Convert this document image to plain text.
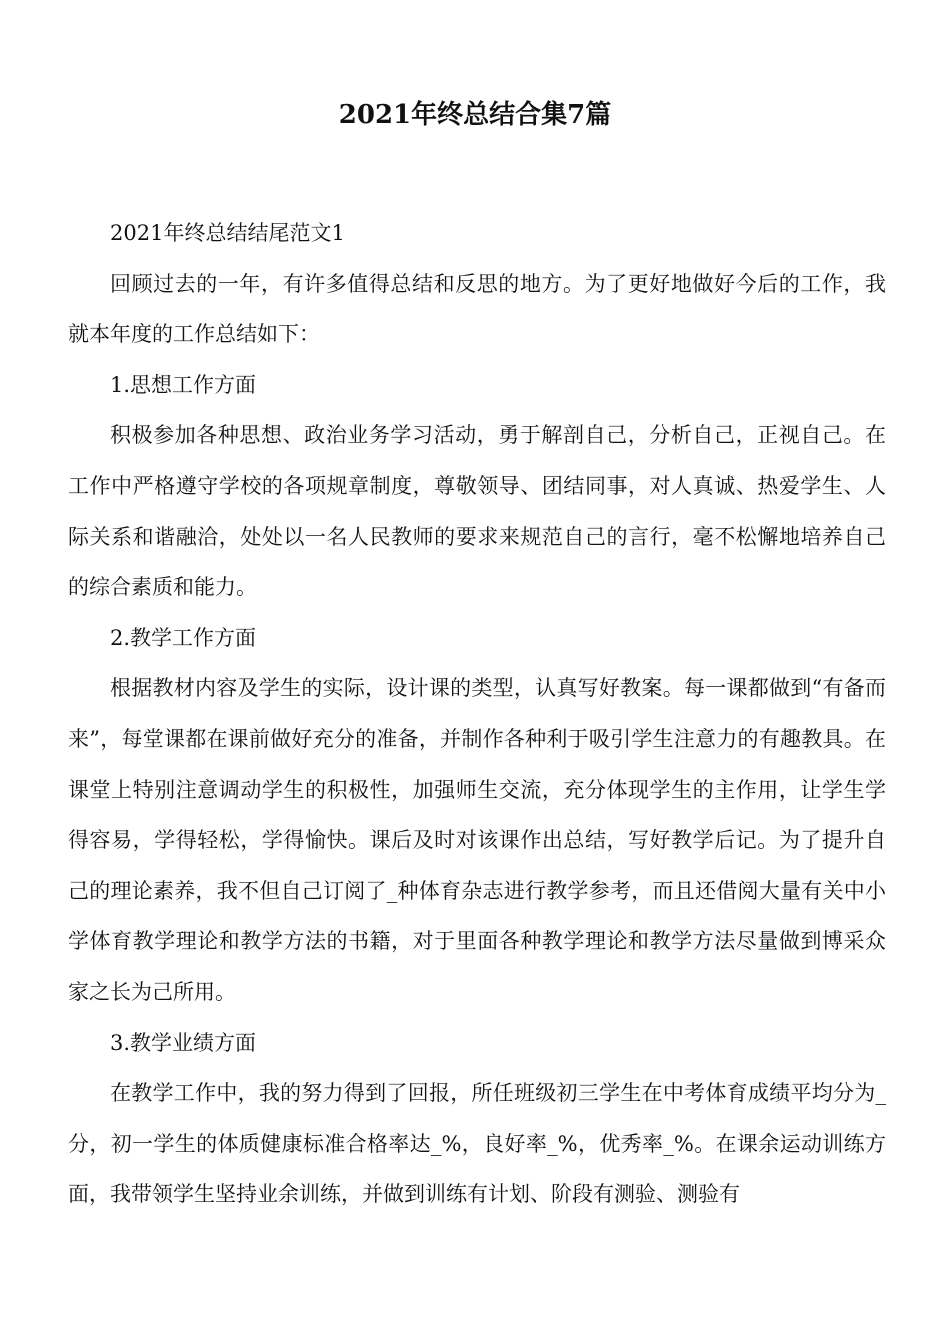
2021年终总结合集7篇

2021年终总结结尾范文1

回顾过去的一年，有许多值得总结和反思的地方。为了更好地做好今后的工作，我就本年度的工作总结如下：

1.思想工作方面

积极参加各种思想、政治业务学习活动，勇于解剖自己，分析自己，正视自己。在工作中严格遵守学校的各项规章制度，尊敬领导、团结同事，对人真诚、热爱学生、人际关系和谐融洽，处处以一名人民教师的要求来规范自己的言行，毫不松懈地培养自己的综合素质和能力。

2.教学工作方面

根据教材内容及学生的实际，设计课的类型，认真写好教案。每一课都做到“有备而来”，每堂课都在课前做好充分的准备，并制作各种利于吸引学生注意力的有趣教具。在课堂上特别注意调动学生的积极性，加强师生交流，充分体现学生的主作用，让学生学得容易，学得轻松，学得愉快。课后及时对该课作出总结，写好教学后记。为了提升自己的理论素养，我不但自己订阅了_种体育杂志进行教学参考，而且还借阅大量有关中小学体育教学理论和教学方法的书籍，对于里面各种教学理论和教学方法尽量做到博采众家之长为己所用。

3.教学业绩方面

在教学工作中，我的努力得到了回报，所任班级初三学生在中考体育成绩平均分为_分，初一学生的体质健康标准合格率达_%，良好率_%，优秀率_%。在课余运动训练方面，我带领学生坚持业余训练，并做到训练有计划、阶段有测验、测验有
